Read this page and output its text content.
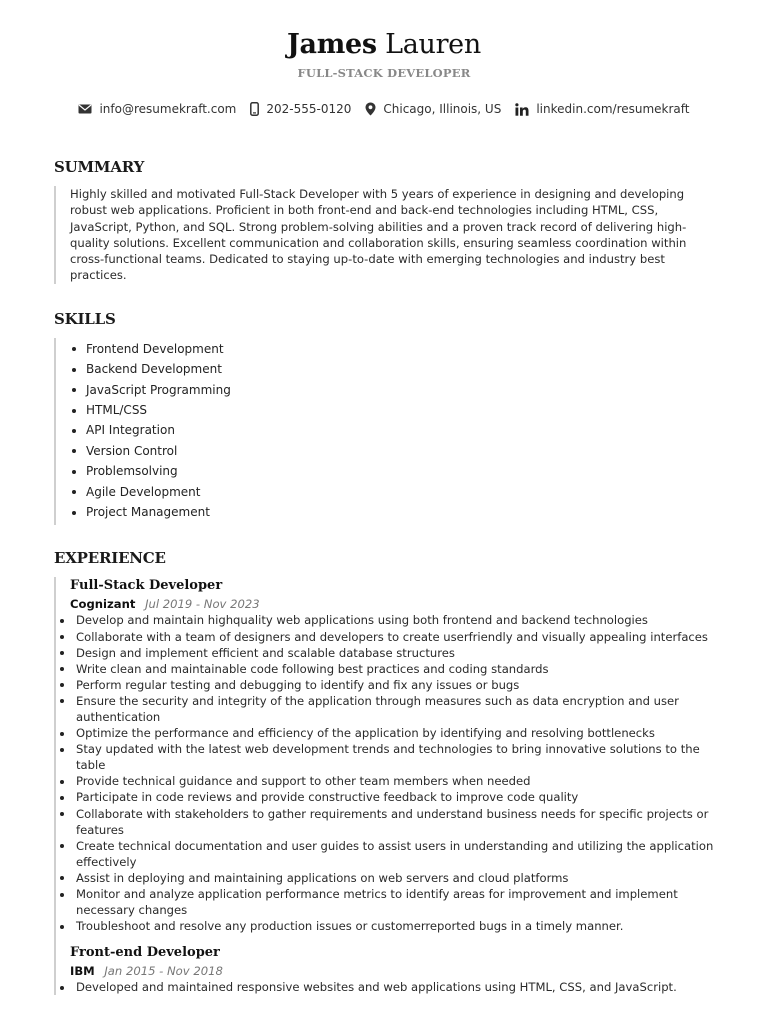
James Lauren
FULL-STACK DEVELOPER
info@resumekraft.com	202-555-0120	Chicago, Illinois, US	linkedin.com/resumekraft
SUMMARY

Highly skilled and motivated Full-Stack Developer with 5 years of experience in designing and developing robust web applications. Proficient in both front-end and back-end technologies including HTML, CSS, JavaScript, Python, and SQL. Strong problem-solving abilities and a proven track record of delivering high-quality solutions. Excellent communication and collaboration skills, ensuring seamless coordination within cross-functional teams. Dedicated to staying up-to-date with emerging technologies and industry best practices.

SKILLS
Frontend Development
Backend Development
JavaScript Programming
HTML/CSS
API Integration
Version Control
Problemsolving
Agile Development
Project Management
EXPERIENCE
Full-Stack Developer
Cognizant Jul 2019 - Nov 2023
Develop and maintain highquality web applications using both frontend and backend technologies
Collaborate with a team of designers and developers to create userfriendly and visually appealing interfaces
Design and implement efficient and scalable database structures
Write clean and maintainable code following best practices and coding standards
Perform regular testing and debugging to identify and fix any issues or bugs
Ensure the security and integrity of the application through measures such as data encryption and user authentication
Optimize the performance and efficiency of the application by identifying and resolving bottlenecks
Stay updated with the latest web development trends and technologies to bring innovative solutions to the table
Provide technical guidance and support to other team members when needed
Participate in code reviews and provide constructive feedback to improve code quality
Collaborate with stakeholders to gather requirements and understand business needs for specific projects or features
Create technical documentation and user guides to assist users in understanding and utilizing the application effectively
Assist in deploying and maintaining applications on web servers and cloud platforms
Monitor and analyze application performance metrics to identify areas for improvement and implement necessary changes
Troubleshoot and resolve any production issues or customerreported bugs in a timely manner.
Front-end Developer
IBM Jan 2015 - Nov 2018
Developed and maintained responsive websites and web applications using HTML, CSS, and JavaScript.
